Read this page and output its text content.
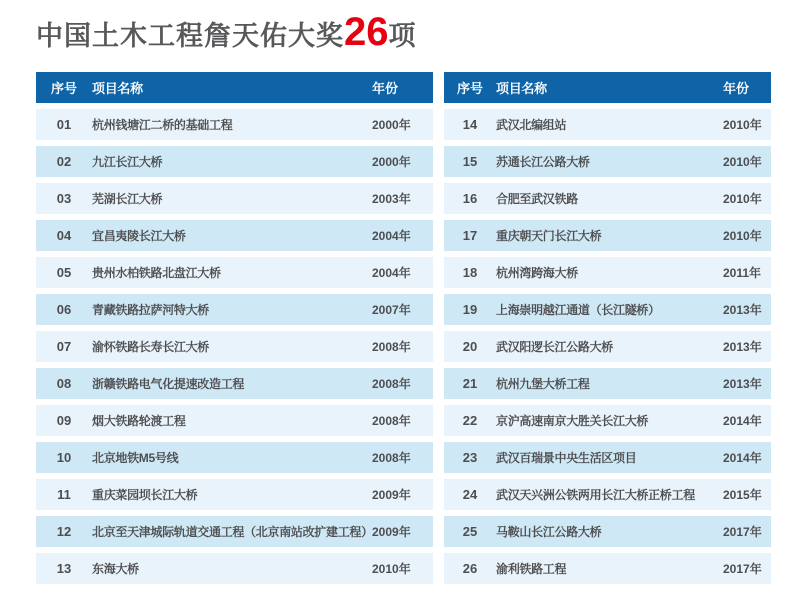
中国土木工程詹天佑大奖26项
序号	项目名称	年份
01	杭州钱塘江二桥的基础工程	2000年
02	九江长江大桥	2000年
03	芜湖长江大桥	2003年
04	宜昌夷陵长江大桥	2004年
05	贵州水柏铁路北盘江大桥	2004年
06	青藏铁路拉萨河特大桥	2007年
07	渝怀铁路长寿长江大桥	2008年
08	浙赣铁路电气化提速改造工程	2008年
09	烟大铁路轮渡工程	2008年
10	北京地铁M5号线	2008年
11	重庆菜园坝长江大桥	2009年
12	北京至天津城际轨道交通工程（北京南站改扩建工程） 2009年
13	东海大桥	2010年
序号	项目名称	年份
14	武汉北编组站	2010年
15	苏通长江公路大桥	2010年
16	合肥至武汉铁路	2010年
17	重庆朝天门长江大桥	2010年
18	杭州湾跨海大桥	2011年
19	上海崇明越江通道（长江隧桥）	2013年
20	武汉阳逻长江公路大桥	2013年
21	杭州九堡大桥工程	2013年
22	京沪高速南京大胜关长江大桥	2014年
23	武汉百瑞景中央生活区项目	2014年
24	武汉天兴洲公铁两用长江大桥正桥工程	2015年
25	马鞍山长江公路大桥	2017年
26	渝利铁路工程	2017年
